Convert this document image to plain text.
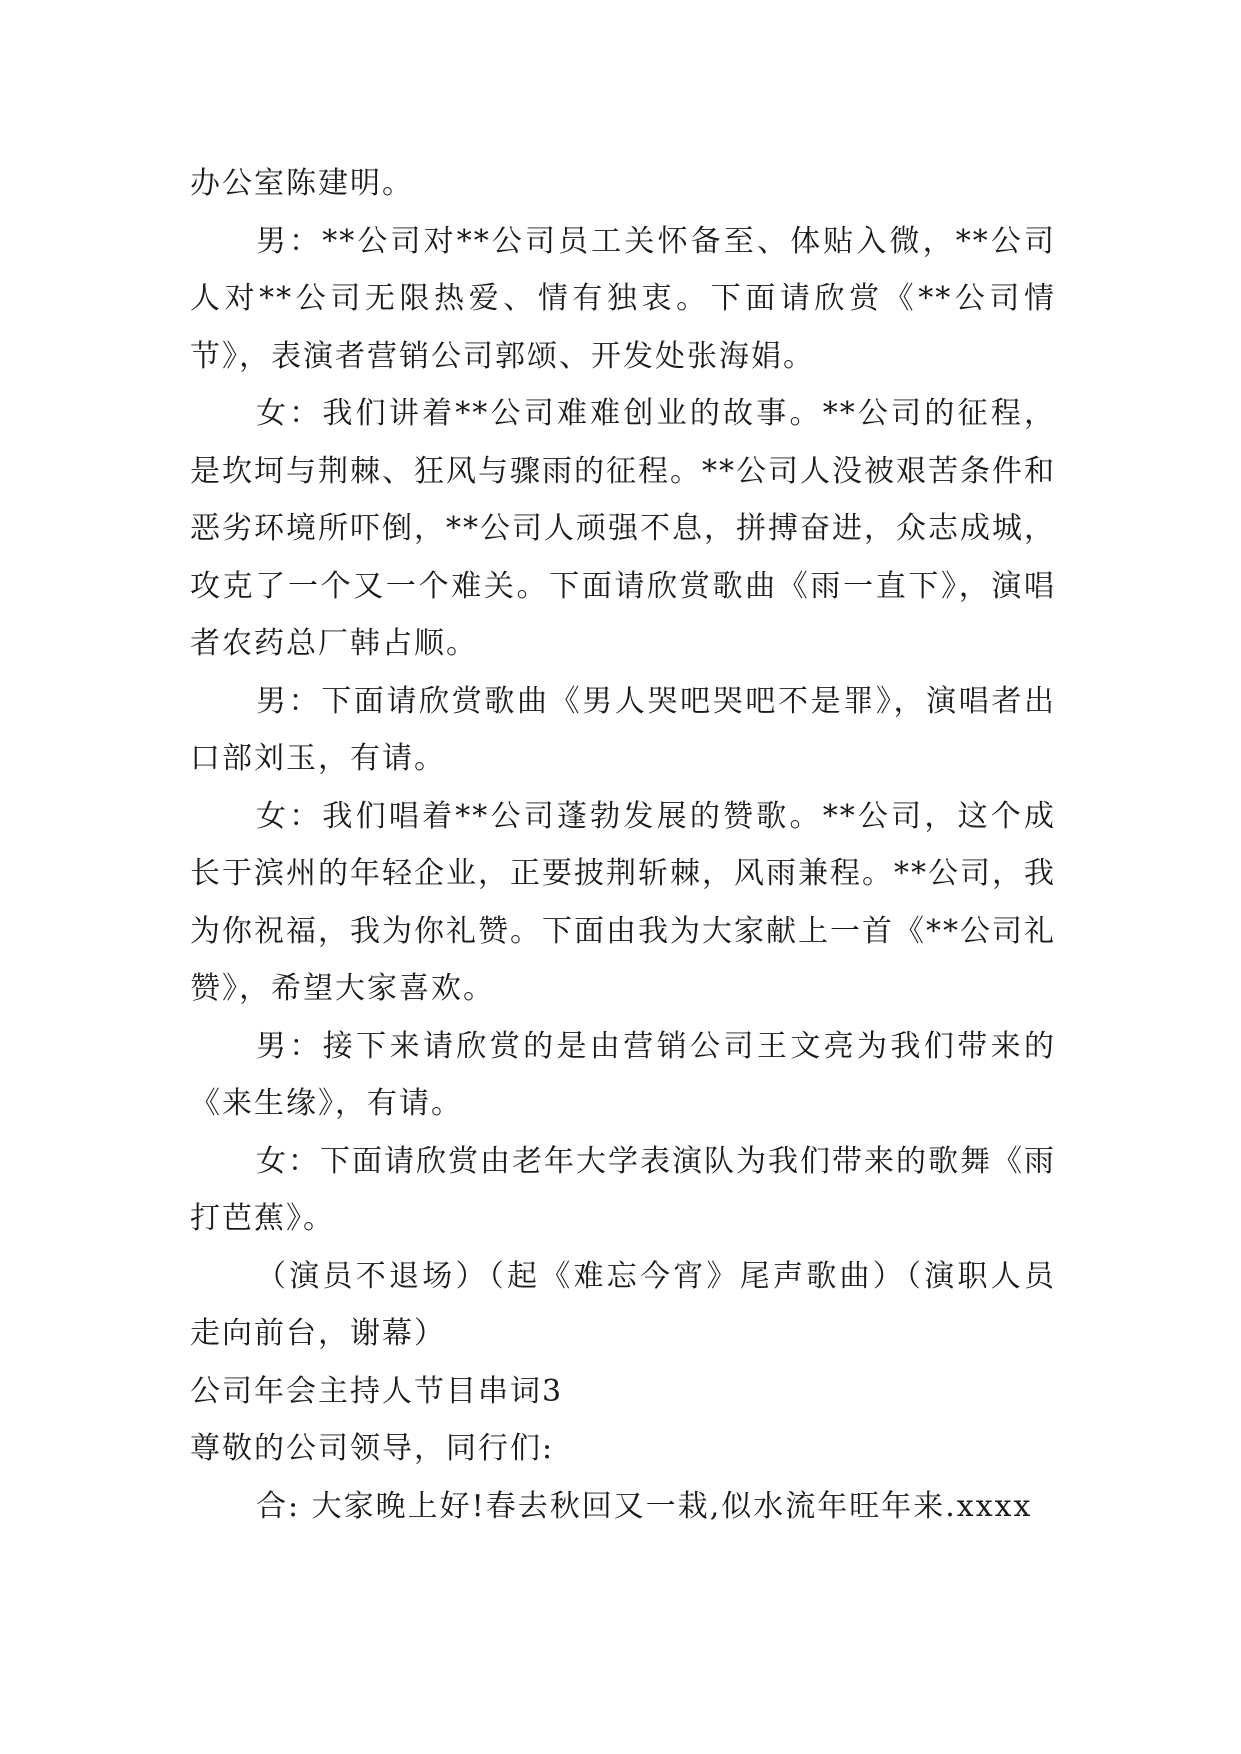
办公室陈建明。

男：**公司对**公司员工关怀备至、体贴入微，**公司人对**公司无限热爱、情有独衷。下面请欣赏《**公司情节》，表演者营销公司郭颂、开发处张海娟。

女：我们讲着**公司难难创业的故事。**公司的征程，是坎坷与荆棘、狂风与骤雨的征程。**公司人没被艰苦条件和恶劣环境所吓倒，**公司人顽强不息，拼搏奋进，众志成城，攻克了一个又一个难关。下面请欣赏歌曲《雨一直下》，演唱者农药总厂韩占顺。

男：下面请欣赏歌曲《男人哭吧哭吧不是罪》，演唱者出口部刘玉，有请。

女：我们唱着**公司蓬勃发展的赞歌。**公司，这个成长于滨州的年轻企业，正要披荆斩棘，风雨兼程。**公司，我为你祝福，我为你礼赞。下面由我为大家献上一首《**公司礼赞》，希望大家喜欢。

男：接下来请欣赏的是由营销公司王文亮为我们带来的《来生缘》，有请。

女：下面请欣赏由老年大学表演队为我们带来的歌舞《雨打芭蕉》。

（演员不退场）（起《难忘今宵》尾声歌曲）（演职人员走向前台，谢幕）

公司年会主持人节目串词3

尊敬的公司领导，同行们:

合: 大家晚上好!春去秋回又一栽,似水流年旺年来.xxxx
